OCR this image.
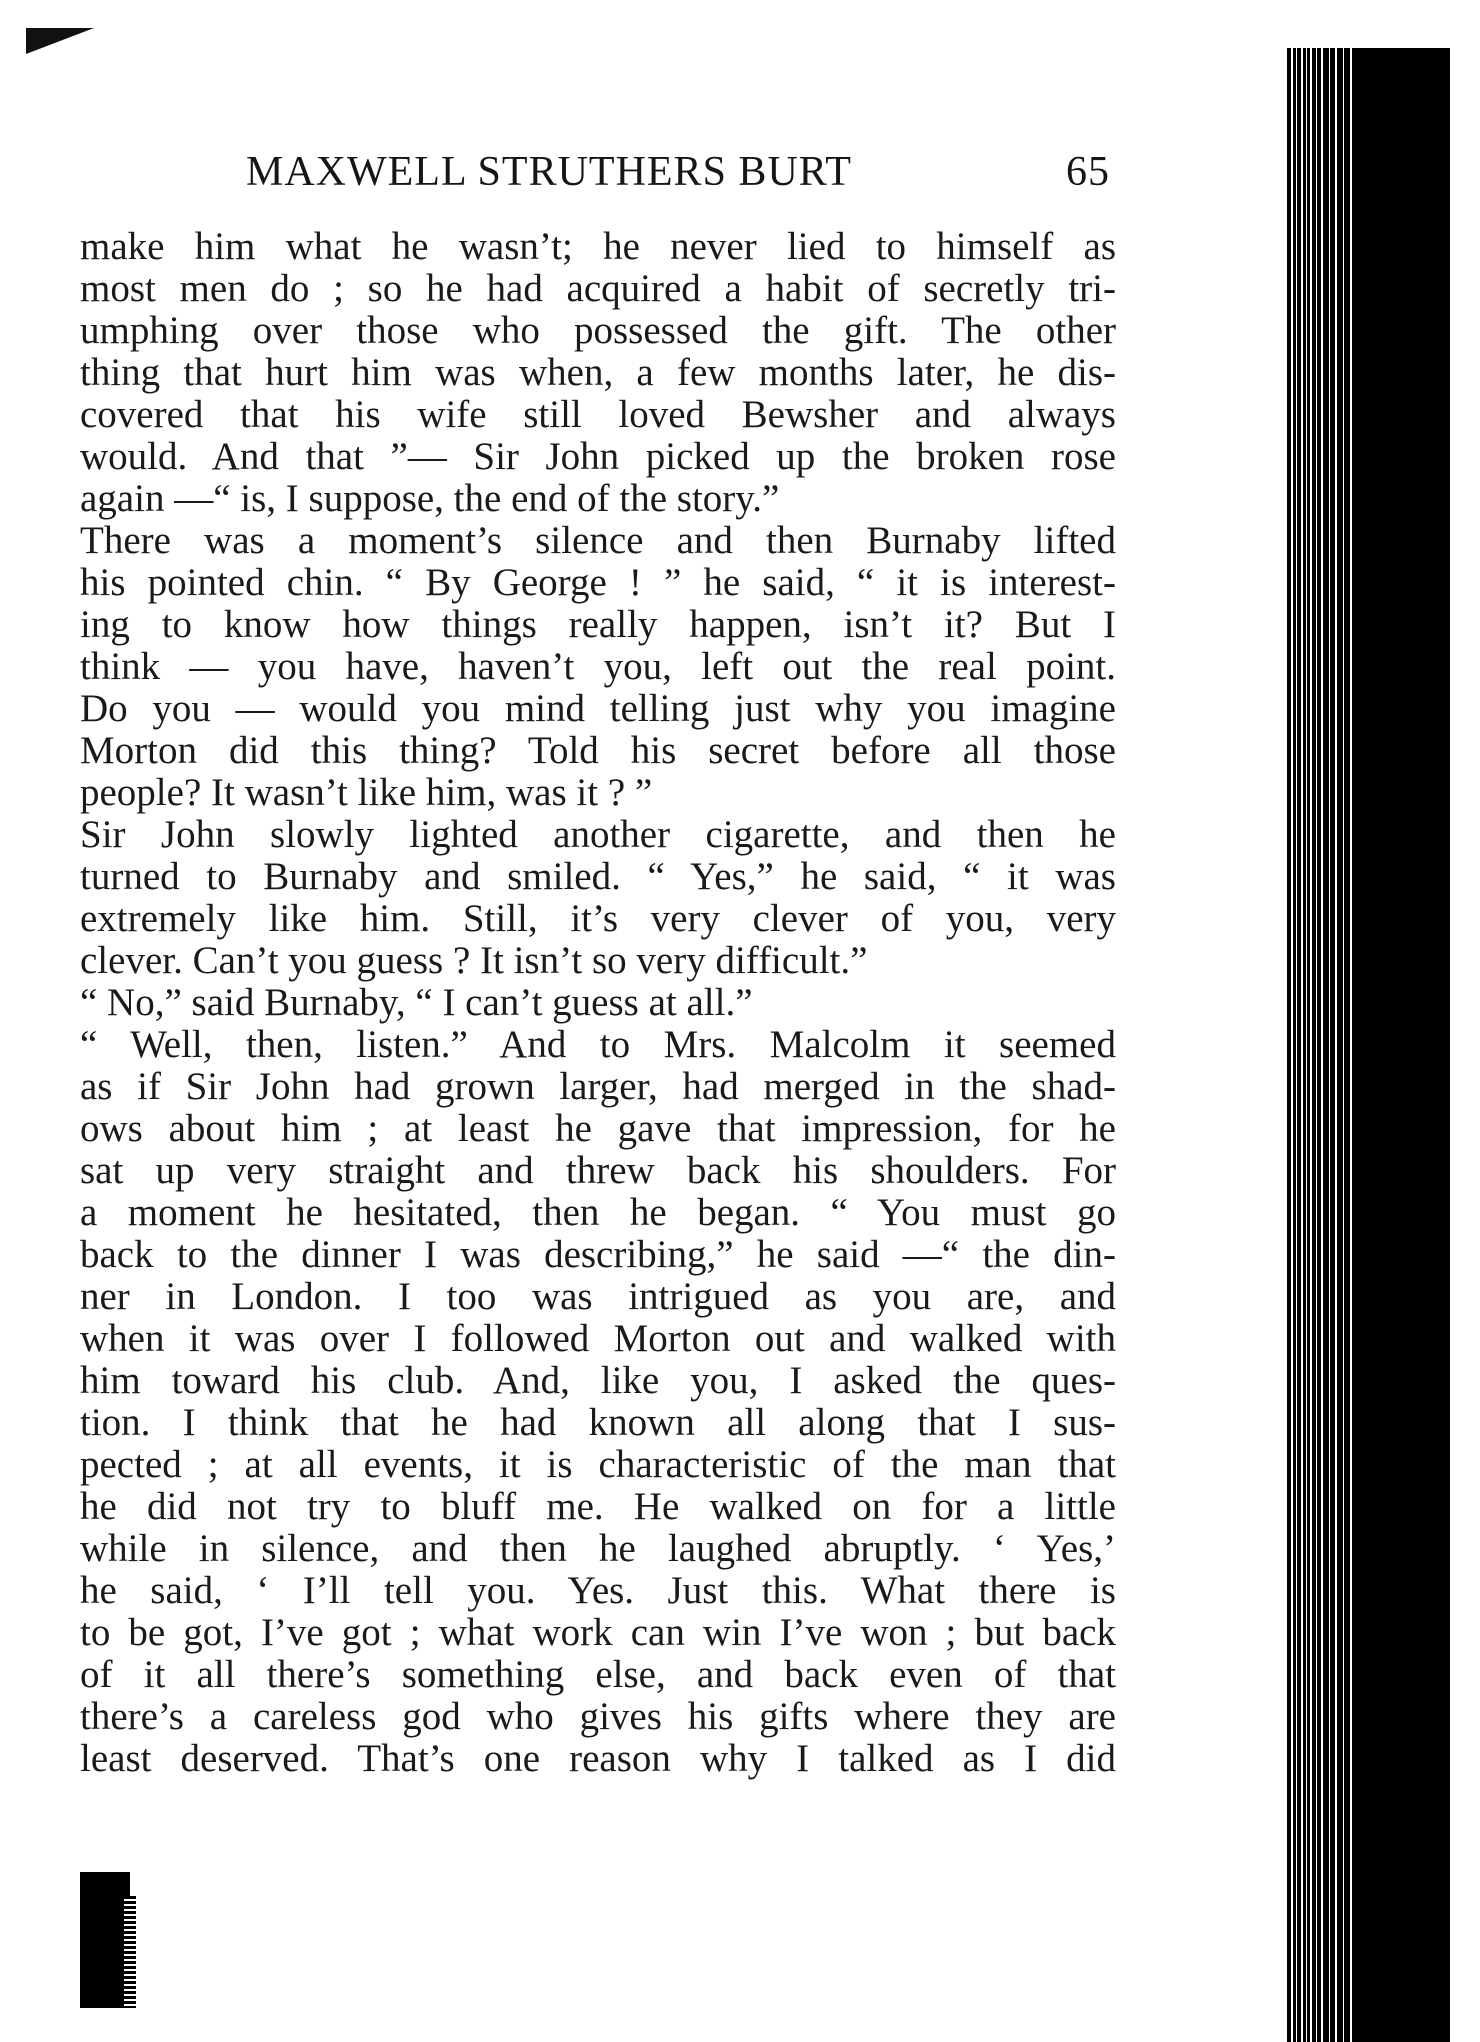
MAXWELL STRUTHERS BURT	65
make him what he wasn’t; he never lied to himself as
most men do ; so he had acquired a habit of secretly tri-
umphing over those who possessed the gift. The other
thing that hurt him was when, a few months later, he dis-
covered that his wife still loved Bewsher and always
would. And that ”— Sir John picked up the broken rose
again —“ is, I suppose, the end of the story.”
There was a moment’s silence and then Burnaby lifted
his pointed chin. “ By George ! ” he said, “ it is interest-
ing to know how things really happen, isn’t it? But I
think — you have, haven’t you, left out the real point.
Do you — would you mind telling just why you imagine
Morton did this thing? Told his secret before all those
people? It wasn’t like him, was it ? ”
Sir John slowly lighted another cigarette, and then he
turned to Burnaby and smiled. “ Yes,” he said, “ it was
extremely like him. Still, it’s very clever of you, very
clever. Can’t you guess ? It isn’t so very difficult.”
“ No,” said Burnaby, “ I can’t guess at all.”
“ Well, then, listen.” And to Mrs. Malcolm it seemed
as if Sir John had grown larger, had merged in the shad-
ows about him ; at least he gave that impression, for he
sat up very straight and threw back his shoulders. For
a moment he hesitated, then he began. “ You must go
back to the dinner I was describing,” he said —“ the din-
ner in London. I too was intrigued as you are, and
when it was over I followed Morton out and walked with
him toward his club. And, like you, I asked the ques-
tion. I think that he had known all along that I sus-
pected ; at all events, it is characteristic of the man that
he did not try to bluff me. He walked on for a little
while in silence, and then he laughed abruptly. ‘ Yes,’
he said, ‘ I’ll tell you. Yes. Just this. What there is
to be got, I’ve got ; what work can win I’ve won ; but back
of it all there’s something else, and back even of that
there’s a careless god who gives his gifts where they are
least deserved. That’s one reason why I talked as I did
